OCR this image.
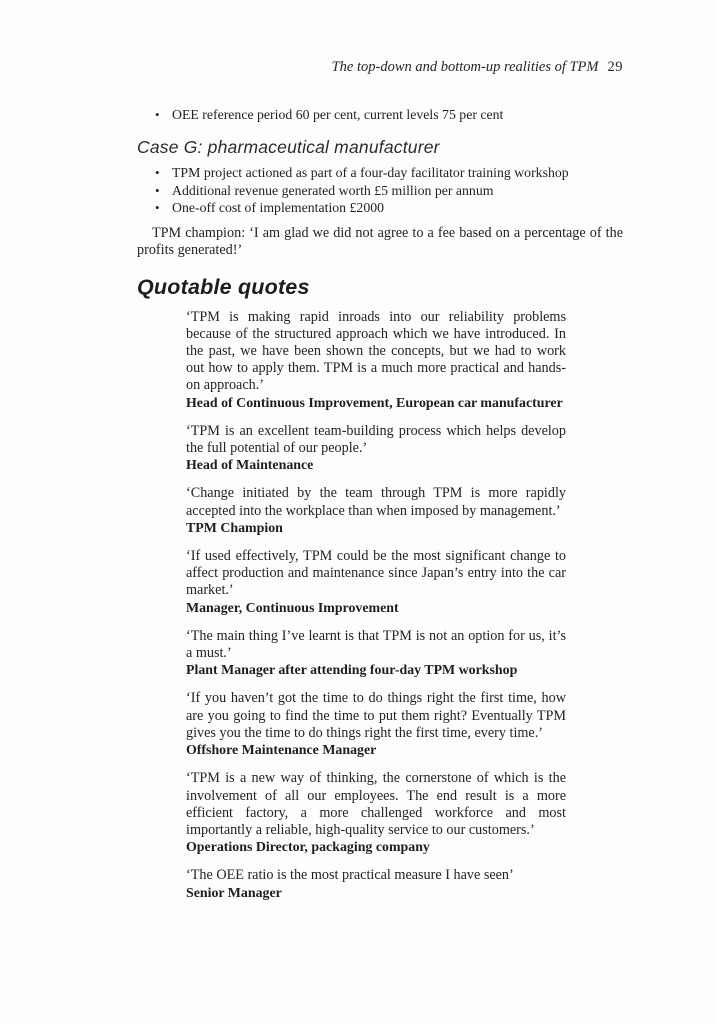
The top-down and bottom-up realities of TPM 29
• OEE reference period 60 per cent, current levels 75 per cent
Case G: pharmaceutical manufacturer
• TPM project actioned as part of a four-day facilitator training workshop
• Additional revenue generated worth £5 million per annum
• One-off cost of implementation £2000

TPM champion: ‘I am glad we did not agree to a fee based on a percentage of the profits generated!’

Quotable quotes

‘TPM is making rapid inroads into our reliability problems because of the structured approach which we have introduced. In the past, we have been shown the concepts, but we had to work out how to apply them. TPM is a much more practical and hands-on approach.’

Head of Continuous Improvement, European car manufacturer

‘TPM is an excellent team-building process which helps develop the full potential of our people.’

Head of Maintenance

‘Change initiated by the team through TPM is more rapidly accepted into the workplace than when imposed by management.’

TPM Champion

‘If used effectively, TPM could be the most significant change to affect production and maintenance since Japan’s entry into the car market.’

Manager, Continuous Improvement

‘The main thing I’ve learnt is that TPM is not an option for us, it’s a must.’

Plant Manager after attending four-day TPM workshop

‘If you haven’t got the time to do things right the first time, how are you going to find the time to put them right? Eventually TPM gives you the time to do things right the first time, every time.’

Offshore Maintenance Manager

‘TPM is a new way of thinking, the cornerstone of which is the involvement of all our employees. The end result is a more efficient factory, a more challenged workforce and most importantly a reliable, high-quality service to our customers.’

Operations Director, packaging company

‘The OEE ratio is the most practical measure I have seen’

Senior Manager
